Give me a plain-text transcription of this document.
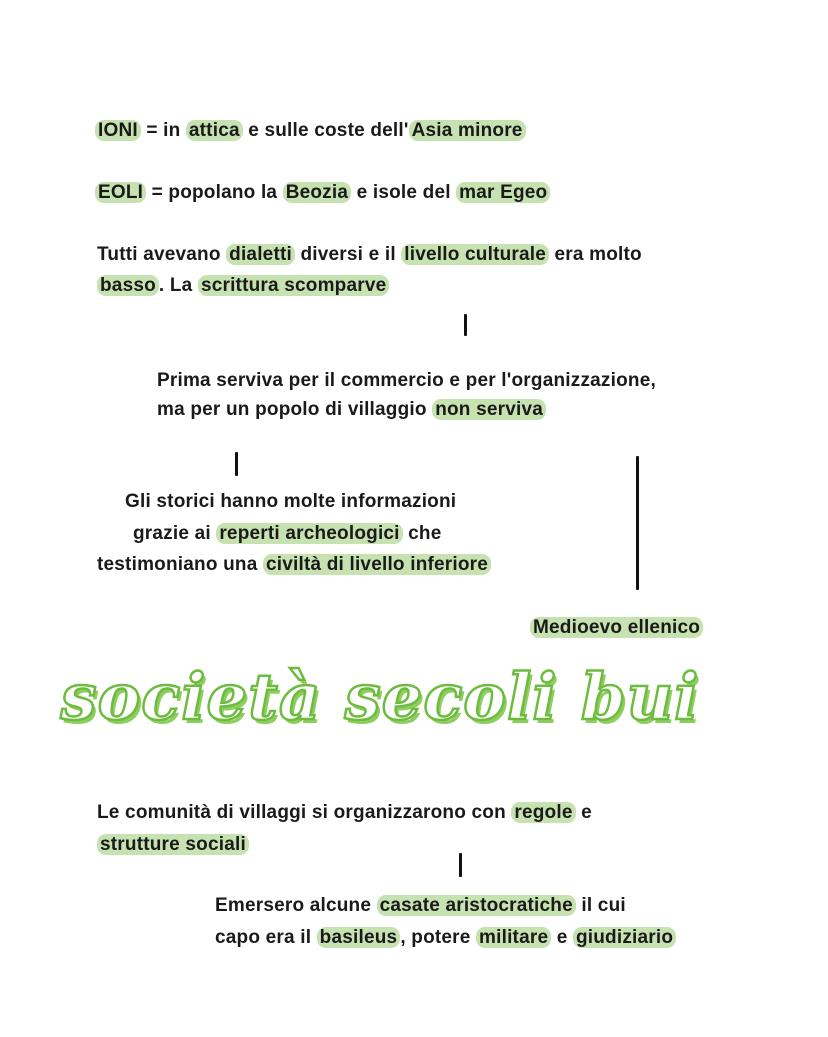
IONI = in attica e sulle coste dell' Asia minore
EOLI = popolano la Beozia e isole del mar Egeo
Tutti avevano dialetti diversi e il livello culturale era molto
basso . La scrittura scomparve
Prima serviva per il commercio e per l'organizzazione,
ma per un popolo di villaggio non serviva
Gli storici hanno molte informazioni
grazie ai reperti archeologici che
testimoniano una civiltà di livello inferiore
Medioevo ellenico
società secoli bui
Le comunità di villaggi si organizzarono con regole e
strutture sociali
Emersero alcune casate aristocratiche il cui
capo era il basileus , potere militare e giudiziario
